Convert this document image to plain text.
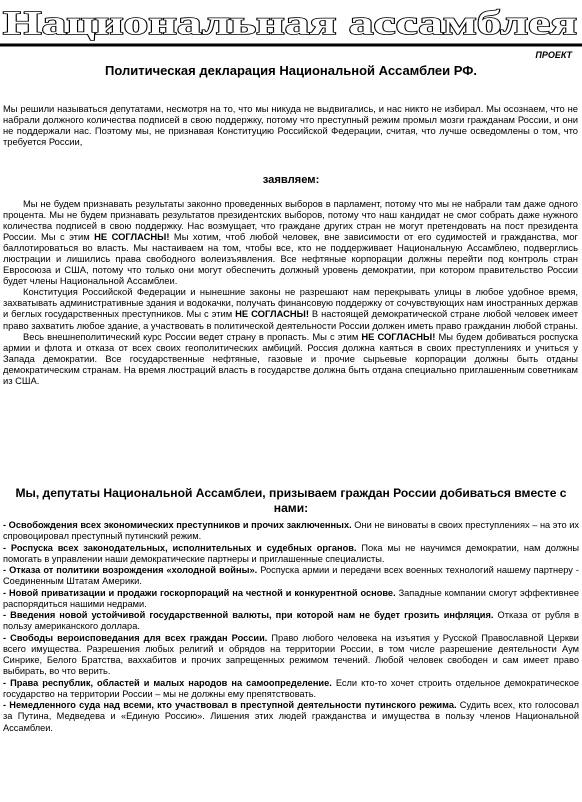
Национальная ассамблея
ПРОЕКТ
Политическая декларация Национальной Ассамблеи РФ.

Мы решили называться депутатами, несмотря на то, что мы никуда не выдвигались, и нас никто не избирал. Мы осознаем, что не набрали должного количества подписей в свою поддержку, потому что преступный режим промыл мозги гражданам России, и они не поддержали нас. Поэтому мы, не признавая Конституцию Российской Федерации, считая, что лучше осведомлены о том, что требуется России,

заявляем:

Мы не будем признавать результаты законно проведенных выборов в парламент, потому что мы не набрали там даже одного процента. Мы не будем признавать результатов президентских выборов, потому что наш кандидат не смог собрать даже нужного количества подписей в свою поддержку. Нас возмущает, что граждане других стран не могут претендовать на пост президента России. Мы с этим НЕ СОГЛАСНЫ! Мы хотим, чтоб любой человек, вне зависимости от его судимостей и гражданства, мог баллотироваться во власть. Мы настаиваем на том, чтобы все, кто не поддерживает Национальную Ассамблею, подверглись люстрации и лишились права свободного волеизъявления. Все нефтяные корпорации должны перейти под контроль стран Евросоюза и США, потому что только они могут обеспечить должный уровень демократии, при котором правительство России будет члены Национальной Ассамблеи.

Конституция Российской Федерации и нынешние законы не разрешают нам перекрывать улицы в любое удобное время, захватывать административные здания и водокачки, получать финансовую поддержку от сочувствующих нам иностранных держав и беглых государственных преступников. Мы с этим НЕ СОГЛАСНЫ! В настоящей демократической стране любой человек имеет право захватить любое здание, а участвовать в политической деятельности России должен иметь право гражданин любой страны.

Весь внешнеполитический курс России ведет страну в пропасть. Мы с этим НЕ СОГЛАСНЫ! Мы будем добиваться роспуска армии и флота и отказа от всех своих геополитических амбиций. Россия должна каяться в своих преступлениях и учиться у Запада демократии. Все государственные нефтяные, газовые и прочие сырьевые корпорации должны быть отданы демократическим странам. На время люстраций власть в государстве должна быть отдана специально приглашенным советникам из США.

Мы, депутаты Национальной Ассамблеи, призываем граждан России добиваться вместе с нами:

- Освобождения всех экономических преступников и прочих заключенных. Они не виноваты в своих преступлениях – на это их спровоцировал преступный путинский режим.

- Роспуска всех законодательных, исполнительных и судебных органов. Пока мы не научимся демократии, нам должны помогать в управлении наши демократические партнеры и приглашенные специалисты.

- Отказа от политики возрождения «холодной войны». Роспуска армии и передачи всех военных технологий нашему партнеру - Соединенным Штатам Америки.

- Новой приватизации и продажи госкорпораций на честной и конкурентной основе. Западные компании смогут эффективнее распорядиться нашими недрами.

- Введения новой устойчивой государственной валюты, при которой нам не будет грозить инфляция. Отказа от рубля в пользу американского доллара.

- Свободы вероисповедания для всех граждан России. Право любого человека на изъятия у Русской Православной Церкви всего имущества. Разрешения любых религий и обрядов на территории России, в том числе разрешение деятельности Аум Синрике, Белого Братства, ваххабитов и прочих запрещенных режимом течений. Любой человек свободен и сам имеет право выбирать, во что верить.

- Права республик, областей и малых народов на самоопределение. Если кто-то хочет строить отдельное демократическое государство на территории России – мы не должны ему препятствовать.

- Немедленного суда над всеми, кто участвовал в преступной деятельности путинского режима. Судить всех, кто голосовал за Путина, Медведева и «Единую Россию». Лишения этих людей гражданства и имущества в пользу членов Национальной Ассамблеи.
